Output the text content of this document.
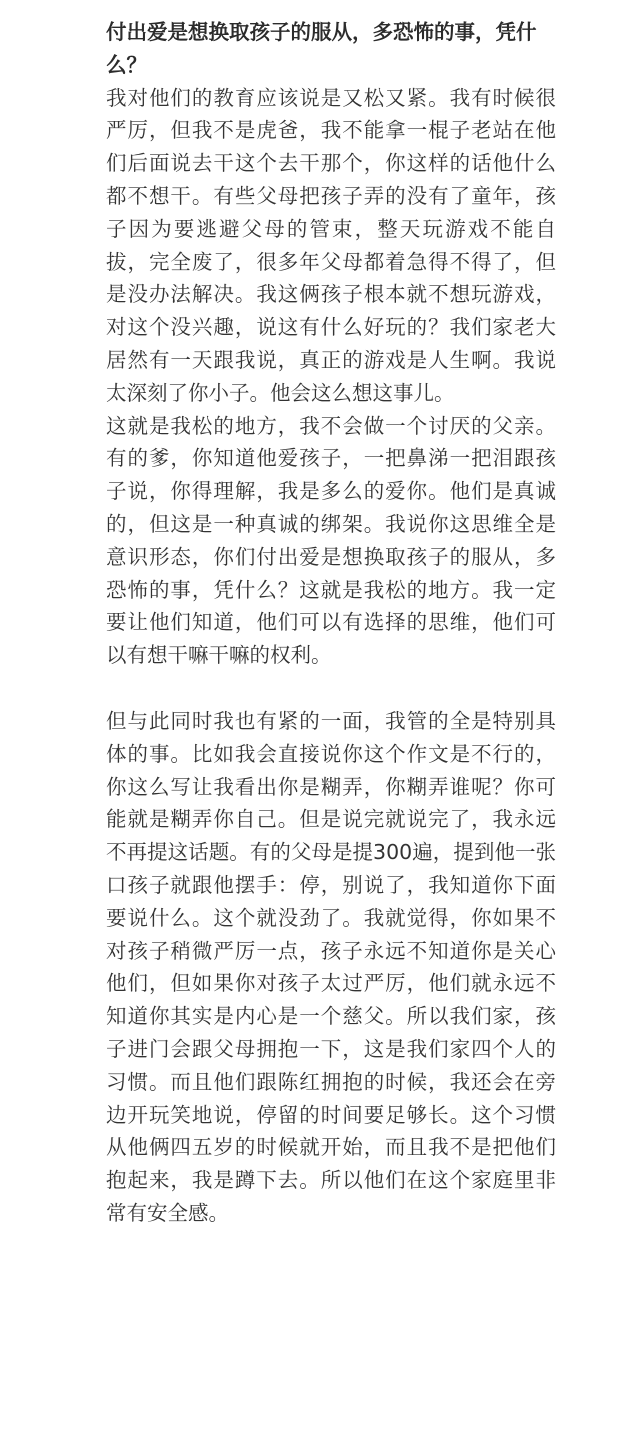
付出爱是想换取孩子的服从，多恐怖的事，凭什么？

我对他们的教育应该说是又松又紧。我有时候很严厉，但我不是虎爸，我不能拿一棍子老站在他们后面说去干这个去干那个，你这样的话他什么都不想干。有些父母把孩子弄的没有了童年，孩子因为要逃避父母的管束，整天玩游戏不能自拔，完全废了，很多年父母都着急得不得了，但是没办法解决。我这俩孩子根本就不想玩游戏，对这个没兴趣，说这有什么好玩的？我们家老大居然有一天跟我说，真正的游戏是人生啊。我说太深刻了你小子。他会这么想这事儿。

这就是我松的地方，我不会做一个讨厌的父亲。有的爹，你知道他爱孩子，一把鼻涕一把泪跟孩子说，你得理解，我是多么的爱你。他们是真诚的，但这是一种真诚的绑架。我说你这思维全是意识形态，你们付出爱是想换取孩子的服从，多恐怖的事，凭什么？这就是我松的地方。我一定要让他们知道，他们可以有选择的思维，他们可以有想干嘛干嘛的权利。

但与此同时我也有紧的一面，我管的全是特别具体的事。比如我会直接说你这个作文是不行的，你这么写让我看出你是糊弄，你糊弄谁呢？你可能就是糊弄你自己。但是说完就说完了，我永远不再提这话题。有的父母是提300遍，提到他一张口孩子就跟他摆手：停，别说了，我知道你下面要说什么。这个就没劲了。我就觉得，你如果不对孩子稍微严厉一点，孩子永远不知道你是关心他们，但如果你对孩子太过严厉，他们就永远不知道你其实是内心是一个慈父。所以我们家，孩子进门会跟父母拥抱一下，这是我们家四个人的习惯。而且他们跟陈红拥抱的时候，我还会在旁边开玩笑地说，停留的时间要足够长。这个习惯从他俩四五岁的时候就开始，而且我不是把他们抱起来，我是蹲下去。所以他们在这个家庭里非常有安全感。
